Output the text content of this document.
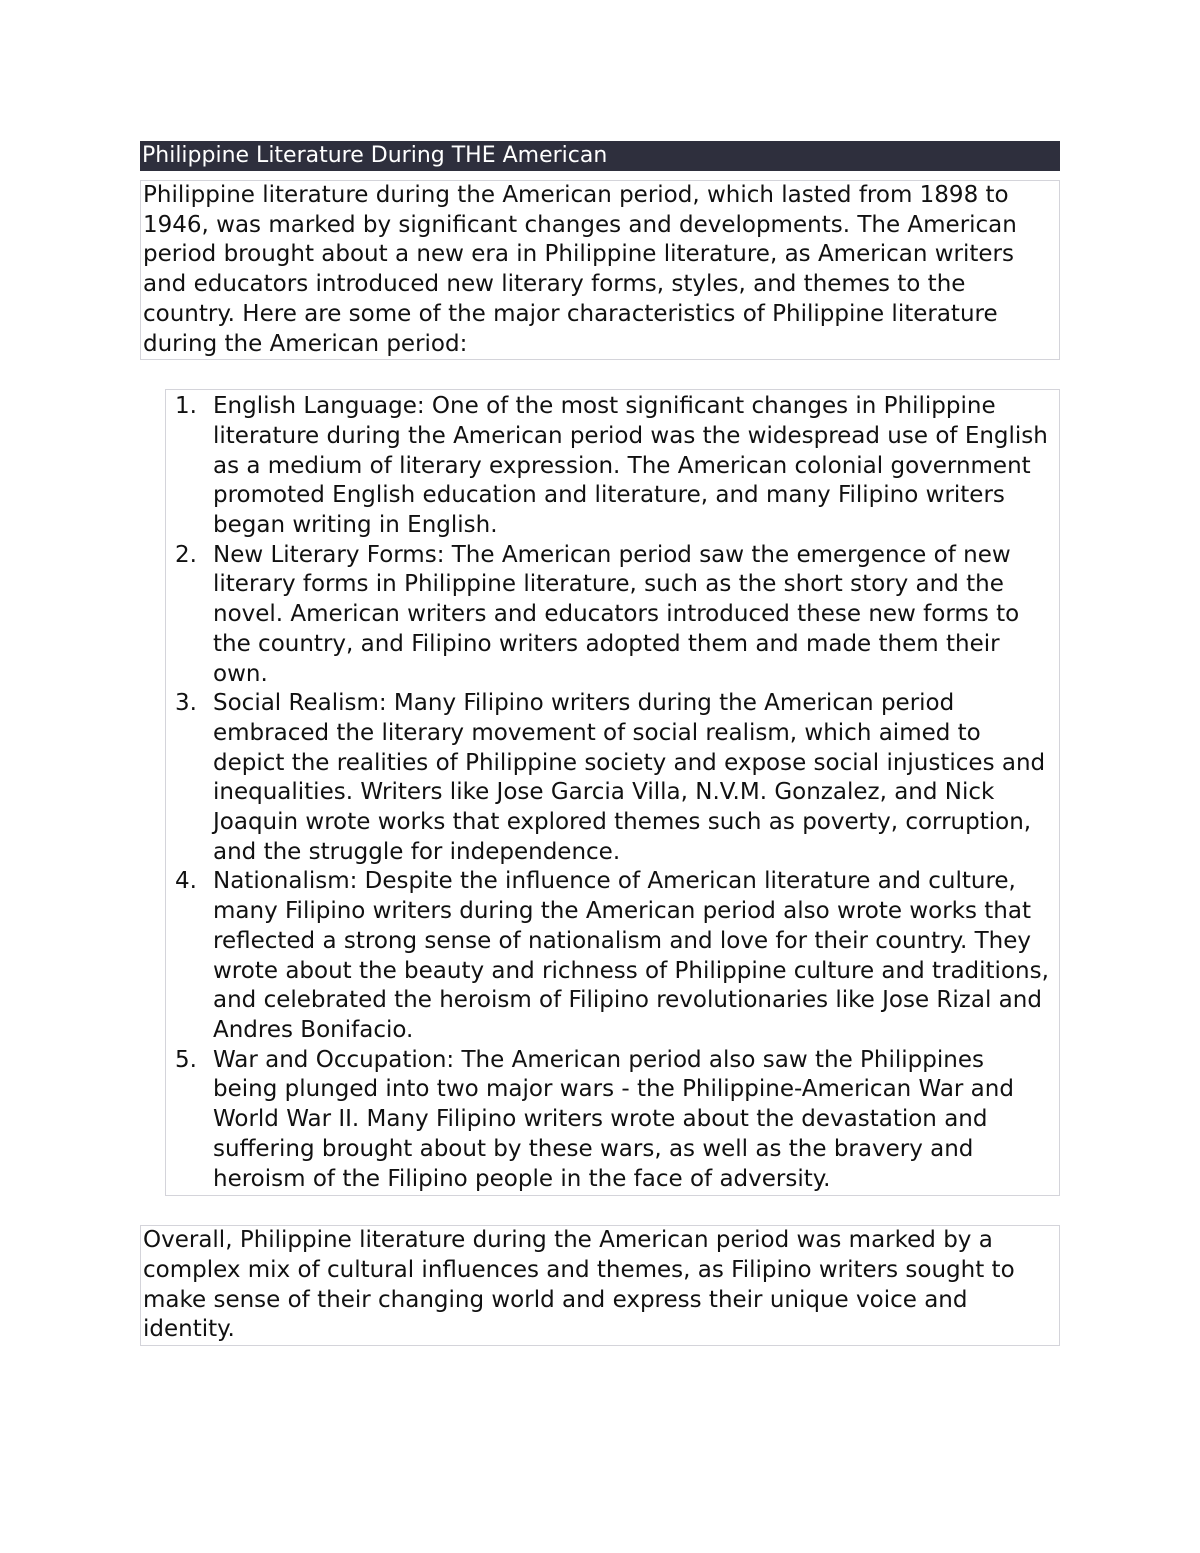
Philippine Literature During THE American
Philippine literature during the American period, which lasted from 1898 to 1946, was marked by significant changes and developments. The American period brought about a new era in Philippine literature, as American writers and educators introduced new literary forms, styles, and themes to the country. Here are some of the major characteristics of Philippine literature during the American period:
1. English Language: One of the most significant changes in Philippine literature during the American period was the widespread use of English as a medium of literary expression. The American colonial government promoted English education and literature, and many Filipino writers began writing in English.
2. New Literary Forms: The American period saw the emergence of new literary forms in Philippine literature, such as the short story and the novel. American writers and educators introduced these new forms to the country, and Filipino writers adopted them and made them their own.
3. Social Realism: Many Filipino writers during the American period embraced the literary movement of social realism, which aimed to depict the realities of Philippine society and expose social injustices and inequalities. Writers like Jose Garcia Villa, N.V.M. Gonzalez, and Nick Joaquin wrote works that explored themes such as poverty, corruption, and the struggle for independence.
4. Nationalism: Despite the influence of American literature and culture, many Filipino writers during the American period also wrote works that reflected a strong sense of nationalism and love for their country. They wrote about the beauty and richness of Philippine culture and traditions, and celebrated the heroism of Filipino revolutionaries like Jose Rizal and Andres Bonifacio.
5. War and Occupation: The American period also saw the Philippines being plunged into two major wars - the Philippine-American War and World War II. Many Filipino writers wrote about the devastation and suffering brought about by these wars, as well as the bravery and heroism of the Filipino people in the face of adversity.
Overall, Philippine literature during the American period was marked by a complex mix of cultural influences and themes, as Filipino writers sought to make sense of their changing world and express their unique voice and identity.
